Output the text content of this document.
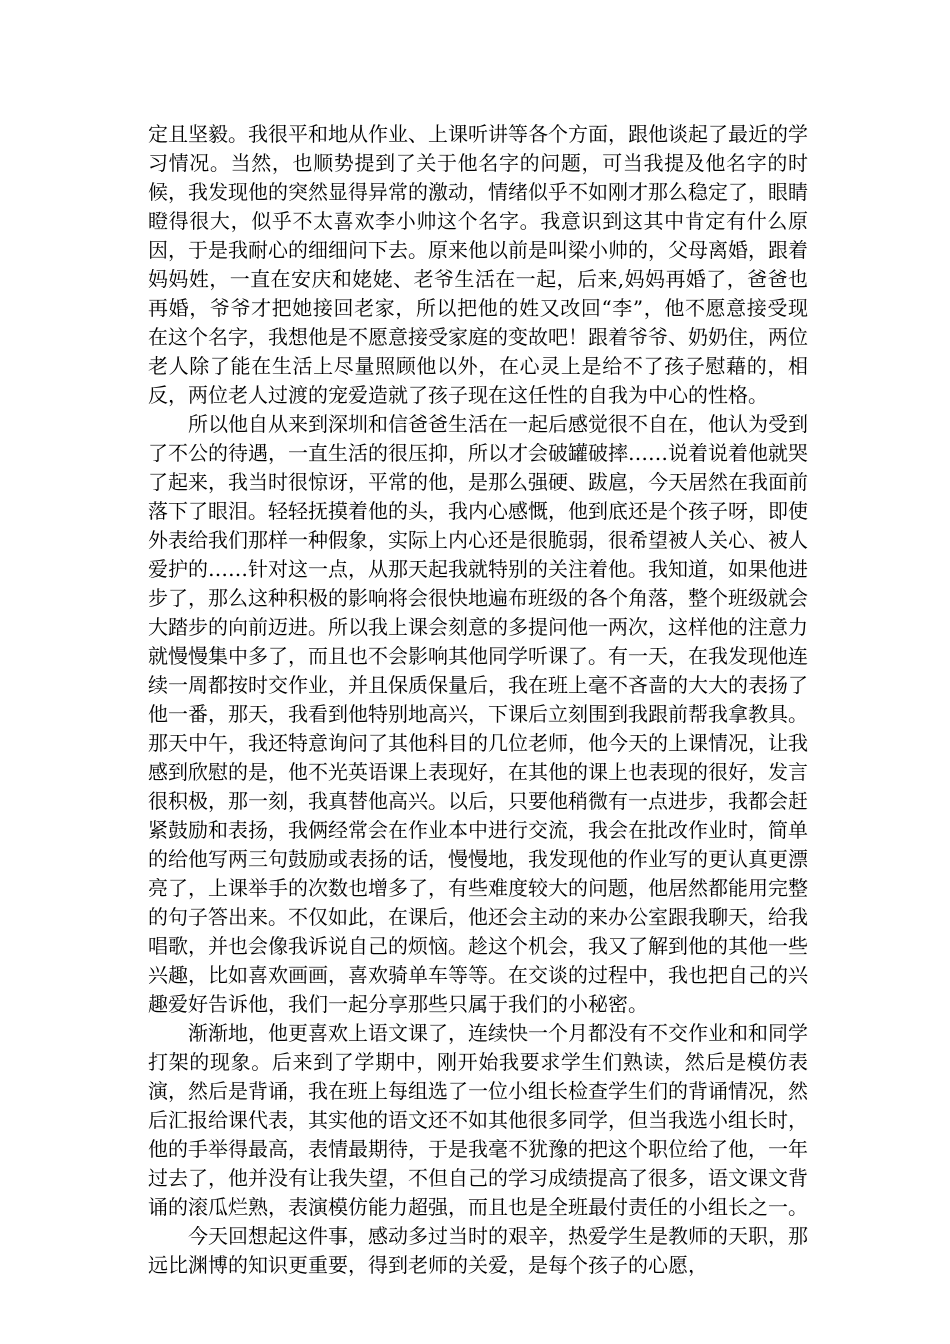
定且坚毅。我很平和地从作业、上课听讲等各个方面，跟他谈起了最近的学习情况。当然，也顺势提到了关于他名字的问题，可当我提及他名字的时候，我发现他的突然显得异常的激动，情绪似乎不如刚才那么稳定了，眼睛瞪得很大，似乎不太喜欢李小帅这个名字。我意识到这其中肯定有什么原因，于是我耐心的细细问下去。原来他以前是叫梁小帅的，父母离婚，跟着妈妈姓，一直在安庆和姥姥、老爷生活在一起，后来,妈妈再婚了，爸爸也再婚，爷爷才把她接回老家，所以把他的姓又改回“李”，他不愿意接受现在这个名字，我想他是不愿意接受家庭的变故吧！跟着爷爷、奶奶住，两位老人除了能在生活上尽量照顾他以外，在心灵上是给不了孩子慰藉的，相反，两位老人过渡的宠爱造就了孩子现在这任性的自我为中心的性格。

所以他自从来到深圳和信爸爸生活在一起后感觉很不自在，他认为受到了不公的待遇，一直生活的很压抑，所以才会破罐破摔……说着说着他就哭了起来，我当时很惊讶，平常的他，是那么强硬、跋扈，今天居然在我面前落下了眼泪。轻轻抚摸着他的头，我内心感慨，他到底还是个孩子呀，即使外表给我们那样一种假象，实际上内心还是很脆弱，很希望被人关心、被人爱护的……针对这一点，从那天起我就特别的关注着他。我知道，如果他进步了，那么这种积极的影响将会很快地遍布班级的各个角落，整个班级就会大踏步的向前迈进。所以我上课会刻意的多提问他一两次，这样他的注意力就慢慢集中多了，而且也不会影响其他同学听课了。有一天，在我发现他连续一周都按时交作业，并且保质保量后，我在班上毫不吝啬的大大的表扬了他一番，那天，我看到他特别地高兴，下课后立刻围到我跟前帮我拿教具。那天中午，我还特意询问了其他科目的几位老师，他今天的上课情况，让我感到欣慰的是，他不光英语课上表现好，在其他的课上也表现的很好，发言很积极，那一刻，我真替他高兴。以后，只要他稍微有一点进步，我都会赶紧鼓励和表扬，我俩经常会在作业本中进行交流，我会在批改作业时，简单的给他写两三句鼓励或表扬的话，慢慢地，我发现他的作业写的更认真更漂亮了，上课举手的次数也增多了，有些难度较大的问题，他居然都能用完整的句子答出来。不仅如此，在课后，他还会主动的来办公室跟我聊天，给我唱歌，并也会像我诉说自己的烦恼。趁这个机会，我又了解到他的其他一些兴趣，比如喜欢画画，喜欢骑单车等等。在交谈的过程中，我也把自己的兴趣爱好告诉他，我们一起分享那些只属于我们的小秘密。

渐渐地，他更喜欢上语文课了，连续快一个月都没有不交作业和和同学打架的现象。后来到了学期中，刚开始我要求学生们熟读，然后是模仿表演，然后是背诵，我在班上每组选了一位小组长检查学生们的背诵情况，然后汇报给课代表，其实他的语文还不如其他很多同学，但当我选小组长时，他的手举得最高，表情最期待，于是我毫不犹豫的把这个职位给了他，一年过去了，他并没有让我失望，不但自己的学习成绩提高了很多，语文课文背诵的滚瓜烂熟，表演模仿能力超强，而且也是全班最付责任的小组长之一。

今天回想起这件事，感动多过当时的艰辛，热爱学生是教师的天职，那远比渊博的知识更重要，得到老师的关爱，是每个孩子的心愿，
